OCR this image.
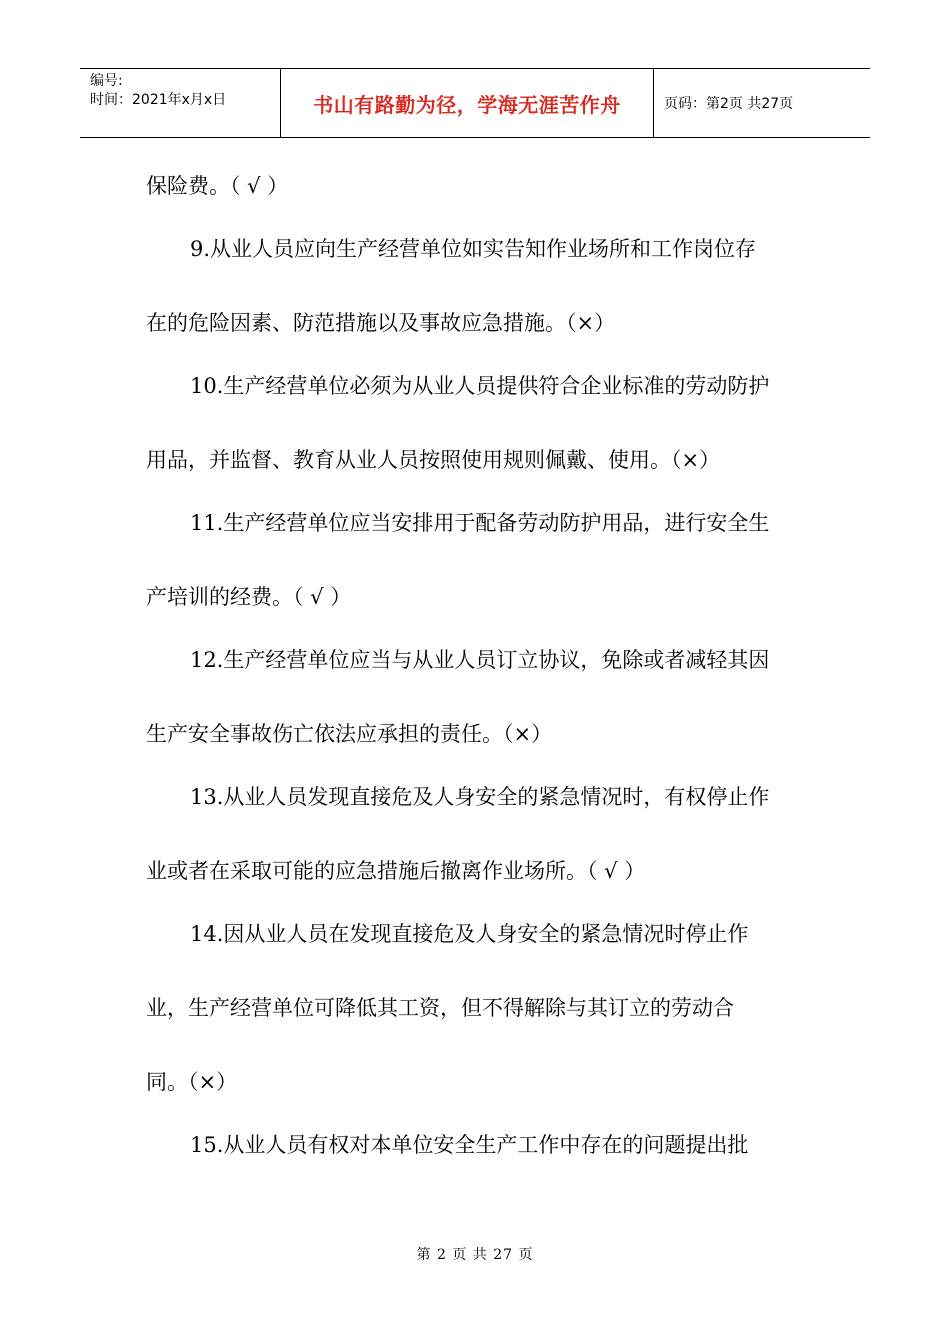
编号:
时间：2021年x月x日	书山有路勤为径，学海无涯苦作舟	页码：第2页 共27页
保险费。（ √ ）
9.从业人员应向生产经营单位如实告知作业场所和工作岗位存
在的危险因素、防范措施以及事故应急措施。（×）
10.生产经营单位必须为从业人员提供符合企业标准的劳动防护
用品，并监督、教育从业人员按照使用规则佩戴、使用。（×）
11.生产经营单位应当安排用于配备劳动防护用品，进行安全生
产培训的经费。（ √ ）
12.生产经营单位应当与从业人员订立协议，免除或者减轻其因
生产安全事故伤亡依法应承担的责任。（×）
13.从业人员发现直接危及人身安全的紧急情况时，有权停止作
业或者在采取可能的应急措施后撤离作业场所。（ √ ）
14.因从业人员在发现直接危及人身安全的紧急情况时停止作
业，生产经营单位可降低其工资，但不得解除与其订立的劳动合
同。（×）
15.从业人员有权对本单位安全生产工作中存在的问题提出批
第 2 页 共 27 页
